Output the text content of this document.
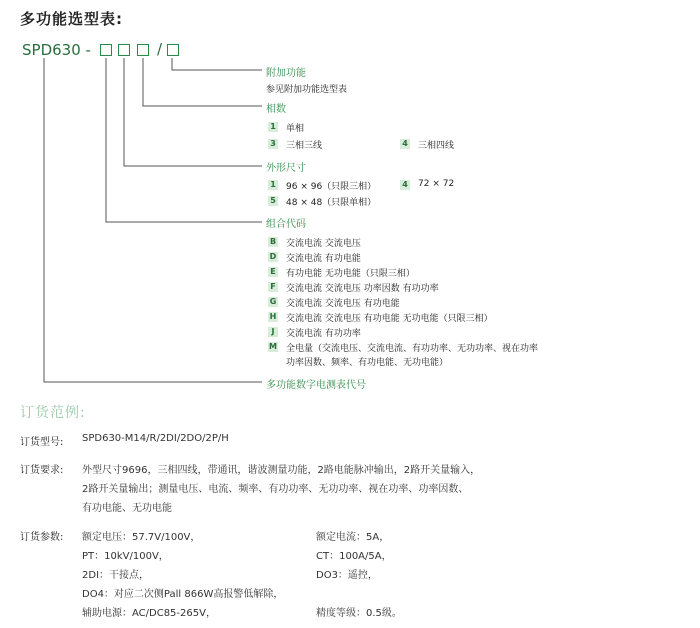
多功能选型表:
SPD630 -	/
附加功能
参见附加功能选型表
相数
1 单相
3 三相三线	4 三相四线
外形尺寸
1 96 × 96（只限三相）	4 72 × 72
5 48 × 48（只限单相）
组合代码
B 交流电流 交流电压
D 交流电流 有功电能
E 有功电能 无功电能（只限三相）
F 交流电流 交流电压 功率因数 有功功率
G 交流电流 交流电压 有功电能
H 交流电流 交流电压 有功电能 无功电能（只限三相）
J	交流电流 有功功率
M 全电量（交流电压、交流电流、有功功率、无功功率、视在功率
功率因数、频率、有功电能、无功电能）
多功能数字电测表代号
订货范例:
订货型号: SPD630-M14/R/2DI/2DO/2P/H
订货要求: 外型尺寸9696，三相四线，带通讯，谐波测量功能，2路电能脉冲输出，2路开关量输入，
2路开关量输出；测量电压、电流、频率、有功功率、无功功率、视在功率、功率因数、
有功电能、无功电能
订货参数: 额定电压：57.7V/100V，	额定电流：5A，
PT：10kV/100V，	CT：100A/5A，
2DI：干接点，	DO3：遥控，
DO4：对应二次侧Pall 866W高报警低解除，
辅助电源：AC/DC85-265V，	精度等级：0.5级。
